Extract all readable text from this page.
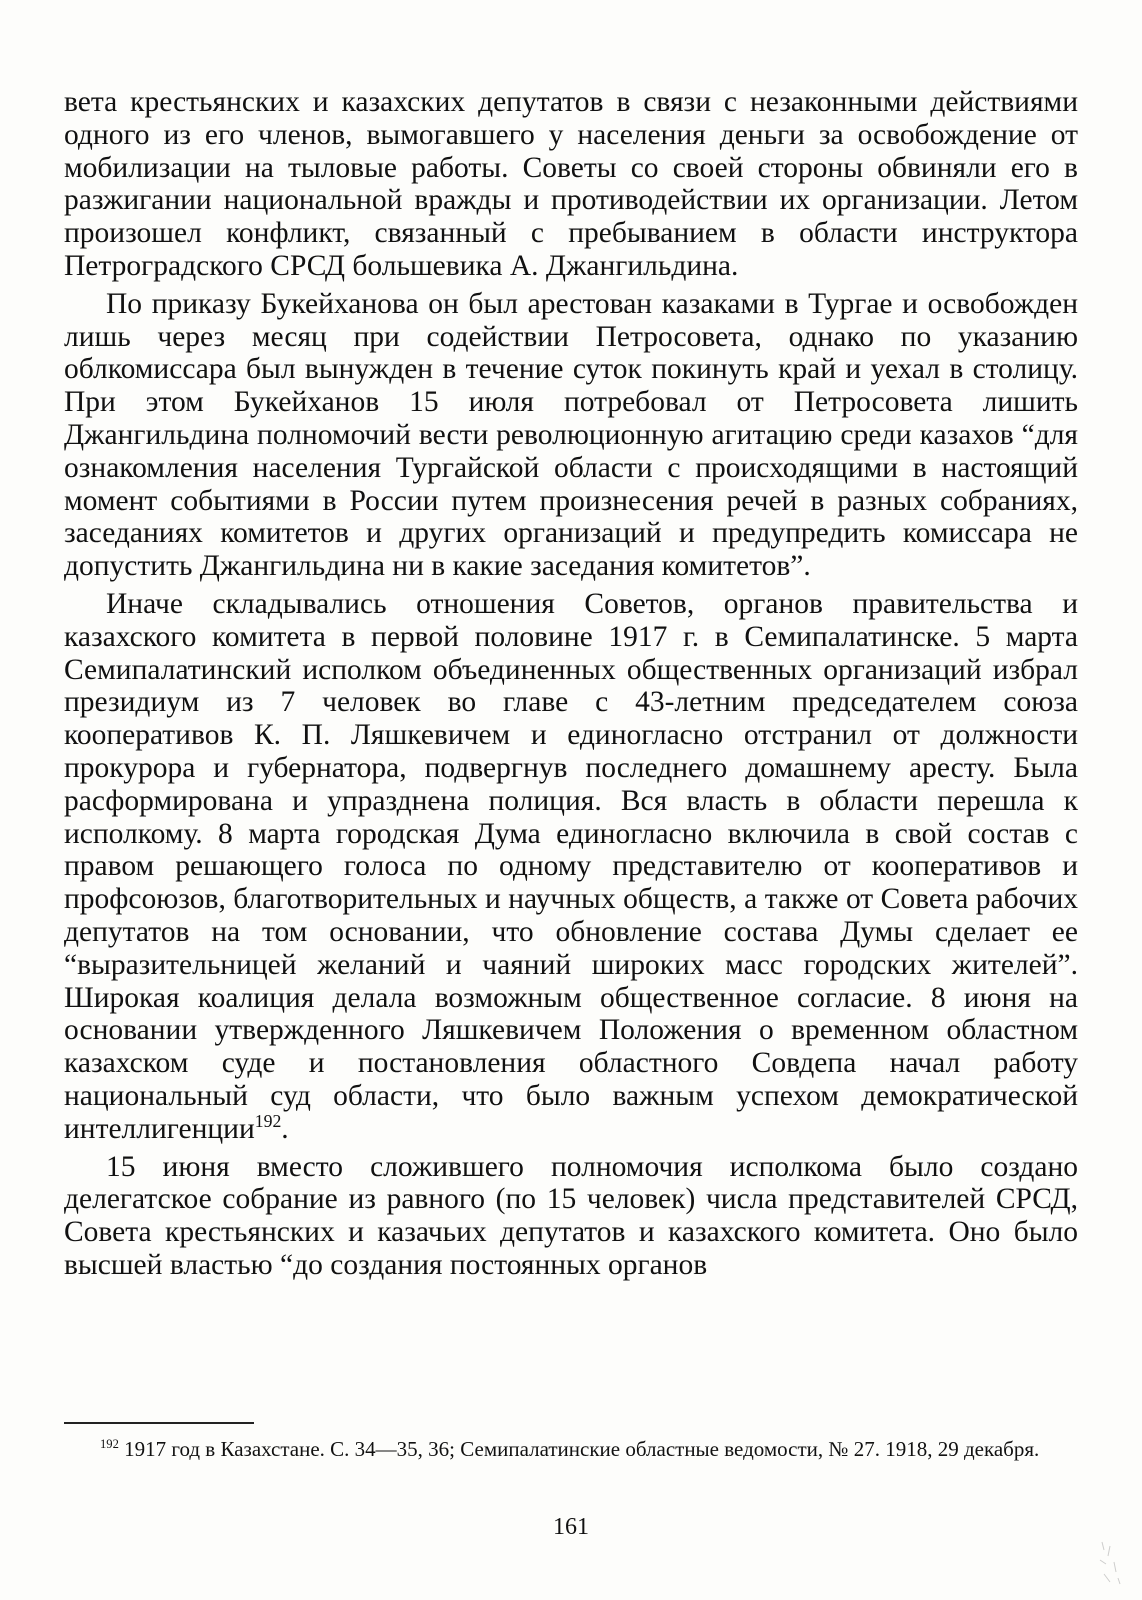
вета крестьянских и казахских депутатов в связи с незаконными действиями одного из его членов, вымогавшего у населения деньги за освобождение от мобилизации на тыловые работы. Советы со своей стороны обвиняли его в разжигании национальной вражды и противодействии их организации. Летом произошел конфликт, связанный с пребыванием в области инструктора Петроградского СРСД большевика А. Джангильдина.

По приказу Букейханова он был арестован казаками в Тургае и освобожден лишь через месяц при содействии Петросовета, однако по указанию облкомиссара был вынужден в течение суток покинуть край и уехал в столицу. При этом Букейханов 15 июля потребовал от Петросовета лишить Джангильдина полномочий вести революционную агитацию среди казахов “для ознакомления населения Тургайской области с происходящими в настоящий момент событиями в России путем произнесения речей в разных собраниях, заседаниях комитетов и других организаций и предупредить комиссара не допустить Джангильдина ни в какие заседания комитетов”.

Иначе складывались отношения Советов, органов правительства и казахского комитета в первой половине 1917 г. в Семипалатинске. 5 марта Семипалатинский исполком объединенных общественных организаций избрал президиум из 7 человек во главе с 43-летним председателем союза кооперативов К. П. Ляшкевичем и единогласно отстранил от должности прокурора и губернатора, подвергнув последнего домашнему аресту. Была расформирована и упразднена полиция. Вся власть в области перешла к исполкому. 8 марта городская Дума единогласно включила в свой состав с правом решающего голоса по одному представителю от кооперативов и профсоюзов, благотворительных и научных обществ, а также от Совета рабочих депутатов на том основании, что обновление состава Думы сделает ее “выразительницей желаний и чаяний широких масс городских жителей”. Широкая коалиция делала возможным общественное согласие. 8 июня на основании утвержденного Ляшкевичем Положения о временном областном казахском суде и постановления областного Совдепа начал работу национальный суд области, что было важным успехом демократической интеллигенции$^{192}$.

15 июня вместо сложившего полномочия исполкома было создано делегатское собрание из равного (по 15 человек) числа представителей СРСД, Совета крестьянских и казачьих депутатов и казахского комитета. Оно было высшей властью “до создания постоянных органов

$^{192}$ 1917 год в Казахстане. С. 34—35, 36; Семипалатинские областные ведомости, № 27. 1918, 29 декабря.
161
